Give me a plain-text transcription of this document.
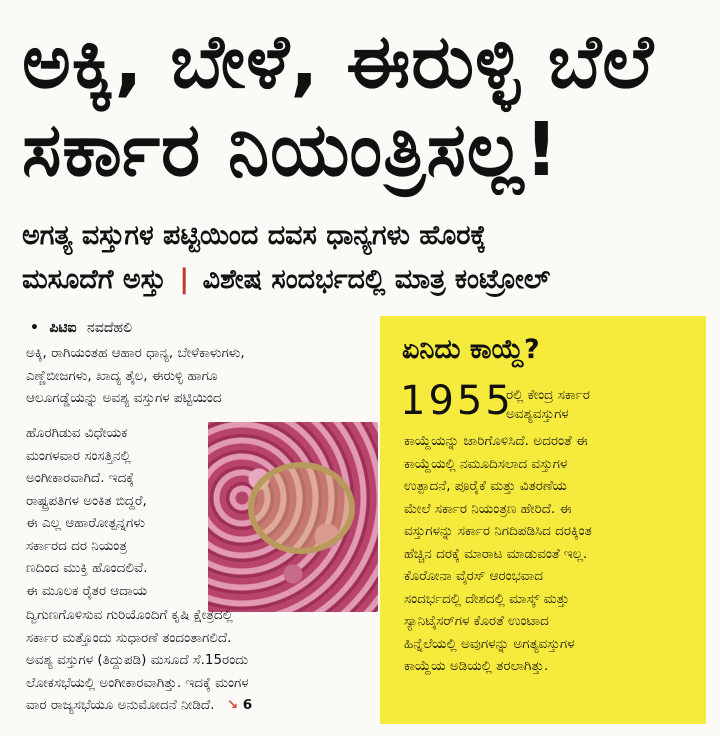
ಅಕ್ಕಿ, ಬೇಳೆ, ಈರುಳ್ಳಿ ಬೆಲೆ
ಸರ್ಕಾರ ನಿಯಂತ್ರಿಸಲ್ಲ!
ಅಗತ್ಯ ವಸ್ತುಗಳ ಪಟ್ಟಿಯಿಂದ ದವಸ ಧಾನ್ಯಗಳು ಹೊರಕ್ಕೆ
ಮಸೂದೆಗೆ ಅಸ್ತು | ವಿಶೇಷ ಸಂದರ್ಭದಲ್ಲಿ ಮಾತ್ರ ಕಂಟ್ರೋಲ್
• ಪಿಟಿಐ ನವದೆಹಲಿ
ಅಕ್ಕಿ, ರಾಗಿಯಂತಹ ಆಹಾರ ಧಾನ್ಯ, ಬೇಳೆಕಾಳುಗಳು,
ಎಣ್ಣೆಬೀಜಗಳು, ಖಾದ್ಯ ತೈಲ, ಈರುಳ್ಳಿ ಹಾಗೂ
ಆಲೂಗಡ್ಡೆಯನ್ನು ಅವಶ್ಯ ವಸ್ತುಗಳ ಪಟ್ಟಿಯಿಂದ
ಹೊರಗಿಡುವ ವಿಧೇಯಕ
ಮಂಗಳವಾರ ಸಂಸತ್ತಿನಲ್ಲಿ
ಅಂಗೀಕಾರವಾಗಿದೆ. ಇದಕ್ಕೆ
ರಾಷ್ಟ್ರಪತಿಗಳ ಅಂಕಿತ ಬಿದ್ದರೆ,
ಈ ಎಲ್ಲ ಆಹಾರೋತ್ಪನ್ನಗಳು
ಸರ್ಕಾರದ ದರ ನಿಯಂತ್ರ
ಣದಿಂದ ಮುಕ್ತಿ ಹೊಂದಲಿವೆ.
ಈ ಮೂಲಕ ರೈತರ ಆದಾಯ
ದ್ವಿಗುಣಗೊಳಿಸುವ ಗುರಿಯೊಂದಿಗೆ ಕೃಷಿ ಕ್ಷೇತ್ರದಲ್ಲಿ
ಸರ್ಕಾರ ಮತ್ತೊಂದು ಸುಧಾರಣೆ ತಂದಂತಾಗಲಿದೆ.
ಅವಶ್ಯ ವಸ್ತುಗಳ (ತಿದ್ದುಪಡಿ) ಮಸೂದೆ ಸೆ.15ರಂದು
ಲೋಕಸಭೆಯಲ್ಲಿ ಅಂಗೀಕಾರವಾಗಿತ್ತು. ಇದಕ್ಕೆ ಮಂಗಳ
ವಾರ ರಾಜ್ಯಸಭೆಯೂ ಅನುಮೋದನೆ ನೀಡಿದೆ. ↘ 6
ಏನಿದು ಕಾಯ್ದೆ?
1955
ರಲ್ಲಿ ಕೇಂದ್ರ ಸರ್ಕಾರ
ಅವಶ್ಯವಸ್ತುಗಳ
ಕಾಯ್ದೆಯನ್ನು ಜಾರಿಗೊಳಿಸಿದೆ. ಅದರಂತೆ ಈ
ಕಾಯ್ದೆಯಲ್ಲಿ ನಮೂದಿಸಲಾದ ವಸ್ತುಗಳ
ಉತ್ಪಾದನೆ, ಪೂರೈಕೆ ಮತ್ತು ವಿತರಣೆಯ
ಮೇಲೆ ಸರ್ಕಾರ ನಿಯಂತ್ರಣ ಹೇರಿದೆ. ಈ
ವಸ್ತುಗಳನ್ನು ಸರ್ಕಾರ ನಿಗದಿಪಡಿಸಿದ ದರಕ್ಕಿಂತ
ಹೆಚ್ಚಿನ ದರಕ್ಕೆ ಮಾರಾಟ ಮಾಡುವಂತೆ ಇಲ್ಲ.
ಕೊರೋನಾ ವೈರಸ್ ಆರಂಭವಾದ
ಸಂದರ್ಭದಲ್ಲಿ ದೇಶದಲ್ಲಿ ಮಾಸ್ಕ್ ಮತ್ತು
ಸ್ಯಾನಿಟೈಸರ್‌ಗಳ ಕೊರತೆ ಉಂಟಾದ
ಹಿನ್ನೆಲೆಯಲ್ಲಿ ಅವುಗಳನ್ನು ಅಗತ್ಯವಸ್ತುಗಳ
ಕಾಯ್ದೆಯ ಅಡಿಯಲ್ಲಿ ತರಲಾಗಿತ್ತು.
